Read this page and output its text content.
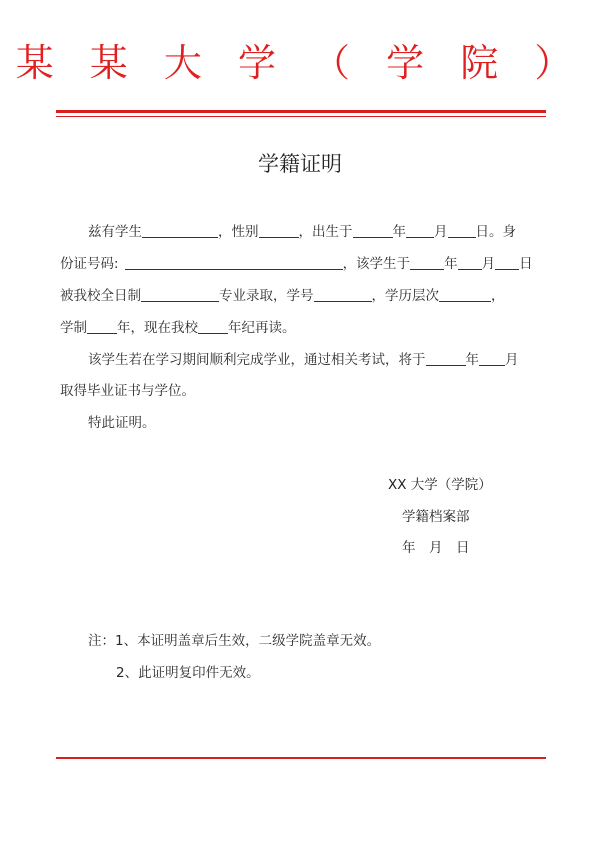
某 某 大 学 （ 学 院 ）
学籍证明
兹有学生	，性别	，出生于	年 月 日。身
份证号码:	，该学生于	年 月 日
被我校全日制	专业录取，学号	，学历层次	，
学制 年，现在我校 年纪再读。
该学生若在学习期间顺利完成学业，通过相关考试，将于	年 月
取得毕业证书与学位。
特此证明。
XX 大学（学院）
学籍档案部
年　月　日
注：1、本证明盖章后生效，二级学院盖章无效。
2、此证明复印件无效。
